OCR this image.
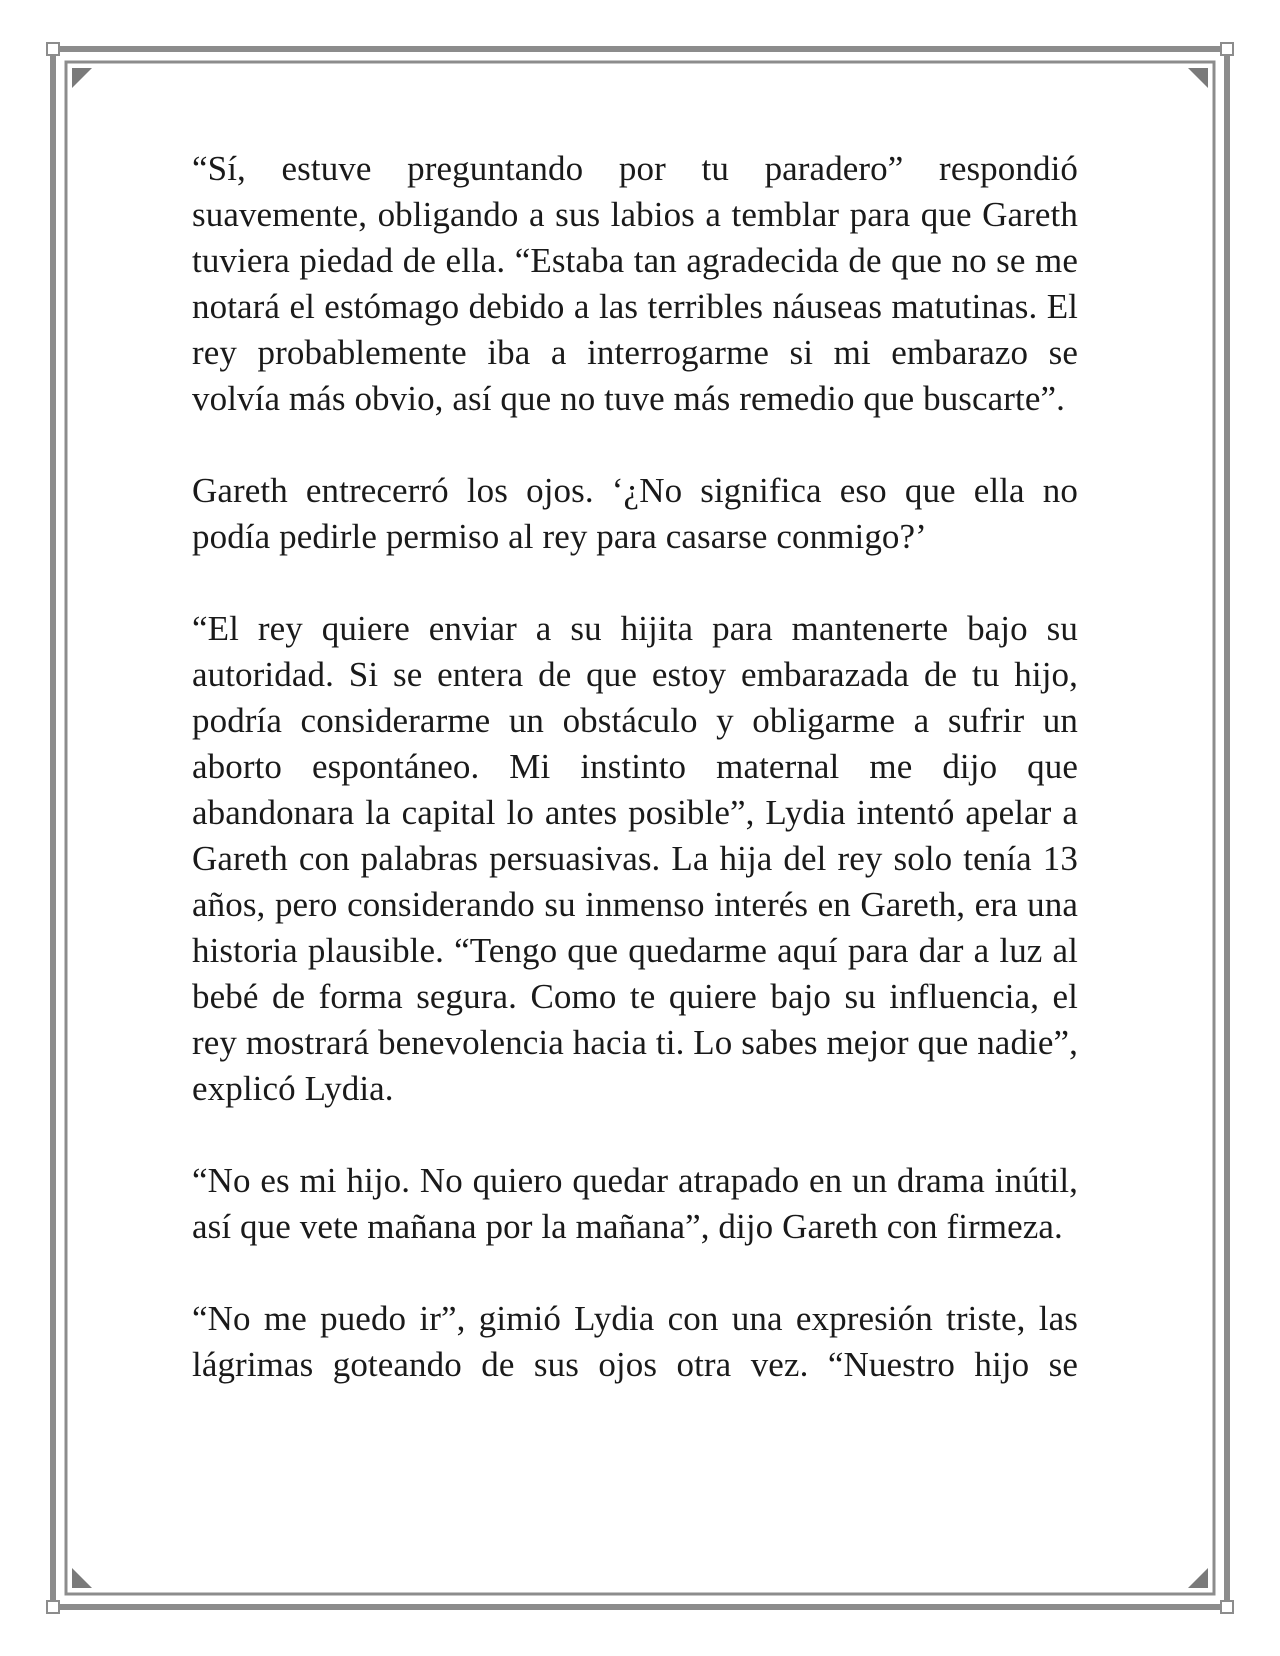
“Sí, estuve preguntando por tu paradero” respondió suavemente, obligando a sus labios a temblar para que Gareth tuviera piedad de ella. “Estaba tan agradecida de que no se me notará el estómago debido a las terribles náuseas matutinas. El rey probablemente iba a interrogarme si mi embarazo se volvía más obvio, así que no tuve más remedio que buscarte”.

Gareth entrecerró los ojos. ‘¿No significa eso que ella no podía pedirle permiso al rey para casarse conmigo?’

“El rey quiere enviar a su hijita para mantenerte bajo su autoridad. Si se entera de que estoy embarazada de tu hijo, podría considerarme un obstáculo y obligarme a sufrir un aborto espontáneo. Mi instinto maternal me dijo que abandonara la capital lo antes posible”, Lydia intentó apelar a Gareth con palabras persuasivas. La hija del rey solo tenía 13 años, pero considerando su inmenso interés en Gareth, era una historia plausible. “Tengo que quedarme aquí para dar a luz al bebé de forma segura. Como te quiere bajo su influencia, el rey mostrará benevolencia hacia ti. Lo sabes mejor que nadie”, explicó Lydia.

“No es mi hijo. No quiero quedar atrapado en un drama inútil, así que vete mañana por la mañana”, dijo Gareth con firmeza.

“No me puedo ir”, gimió Lydia con una expresión triste, las lágrimas goteando de sus ojos otra vez. “Nuestro hijo se
